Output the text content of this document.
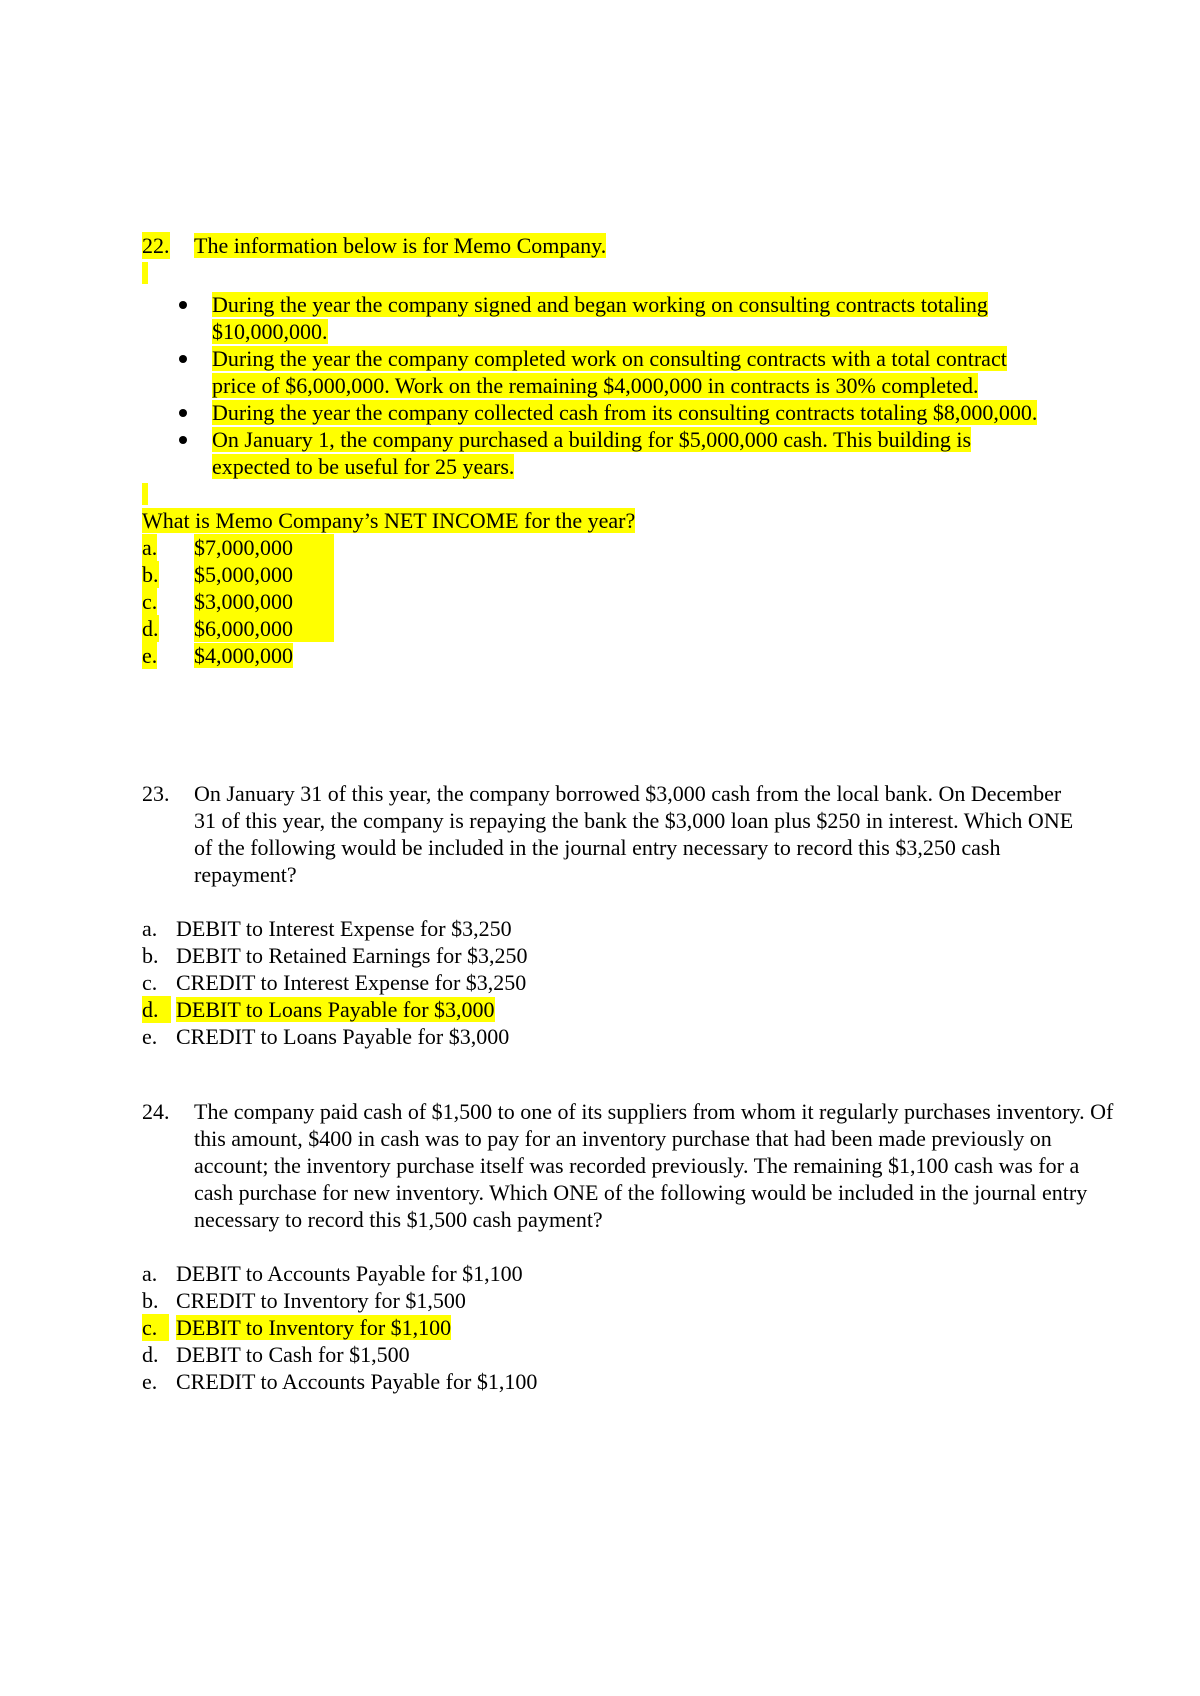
22. The information below is for Memo Company.
During the year the company signed and began working on consulting contracts totaling $10,000,000.
During the year the company completed work on consulting contracts with a total contract price of $6,000,000. Work on the remaining $4,000,000 in contracts is 30% completed.
During the year the company collected cash from its consulting contracts totaling $8,000,000.
On January 1, the company purchased a building for $5,000,000 cash. This building is expected to be useful for 25 years.
What is Memo Company’s NET INCOME for the year?
a. $7,000,000
b. $5,000,000
c. $3,000,000
d. $6,000,000
e. $4,000,000
23. On January 31 of this year, the company borrowed $3,000 cash from the local bank. On December 31 of this year, the company is repaying the bank the $3,000 loan plus $250 in interest. Which ONE of the following would be included in the journal entry necessary to record this $3,250 cash repayment?
a. DEBIT to Interest Expense for $3,250
b. DEBIT to Retained Earnings for $3,250
c. CREDIT to Interest Expense for $3,250
d. DEBIT to Loans Payable for $3,000
e. CREDIT to Loans Payable for $3,000
24. The company paid cash of $1,500 to one of its suppliers from whom it regularly purchases inventory. Of this amount, $400 in cash was to pay for an inventory purchase that had been made previously on account; the inventory purchase itself was recorded previously. The remaining $1,100 cash was for a cash purchase for new inventory. Which ONE of the following would be included in the journal entry necessary to record this $1,500 cash payment?
a. DEBIT to Accounts Payable for $1,100
b. CREDIT to Inventory for $1,500
c. DEBIT to Inventory for $1,100
d. DEBIT to Cash for $1,500
e. CREDIT to Accounts Payable for $1,100
